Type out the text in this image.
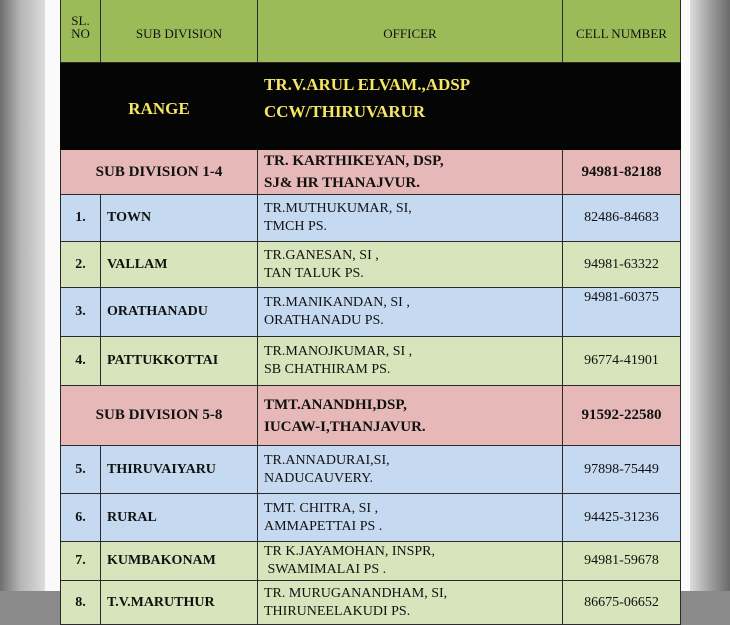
SL.
NO	SUB DIVISION	OFFICER	CELL NUMBER
RANGE		TR.V.ARUL ELVAM.,ADSP
CCW/THIRUVARUR	

SUB DIVISION 1-4		TR. KARTHIKEYAN, DSP,
SJ& HR THANAJVUR.	94981-82188
1.	TOWN	TR.MUTHUKUMAR, SI,
TMCH PS.	82486-84683
2.	VALLAM	TR.GANESAN, SI ,
TAN TALUK PS.	94981-63322
3.	ORATHANADU	TR.MANIKANDAN, SI ,
ORATHANADU PS.	94981-60375
4.	PATTUKKOTTAI	TR.MANOJKUMAR, SI ,
SB CHATHIRAM PS.	96774-41901
SUB DIVISION 5-8		TMT.ANANDHI,DSP,
IUCAW-I,THANJAVUR.	91592-22580
5.	THIRUVAIYARU	TR.ANNADURAI,SI,
NADUCAUVERY.	97898-75449
6.	RURAL	TMT. CHITRA, SI ,
AMMAPETTAI PS .	94425-31236
7.	KUMBAKONAM	TR K.JAYAMOHAN, INSPR,
SWAMIMALAI PS .	94981-59678
8.	T.V.MARUTHUR	TR. MURUGANANDHAM, SI,
THIRUNEELAKUDI PS.	86675-06652
